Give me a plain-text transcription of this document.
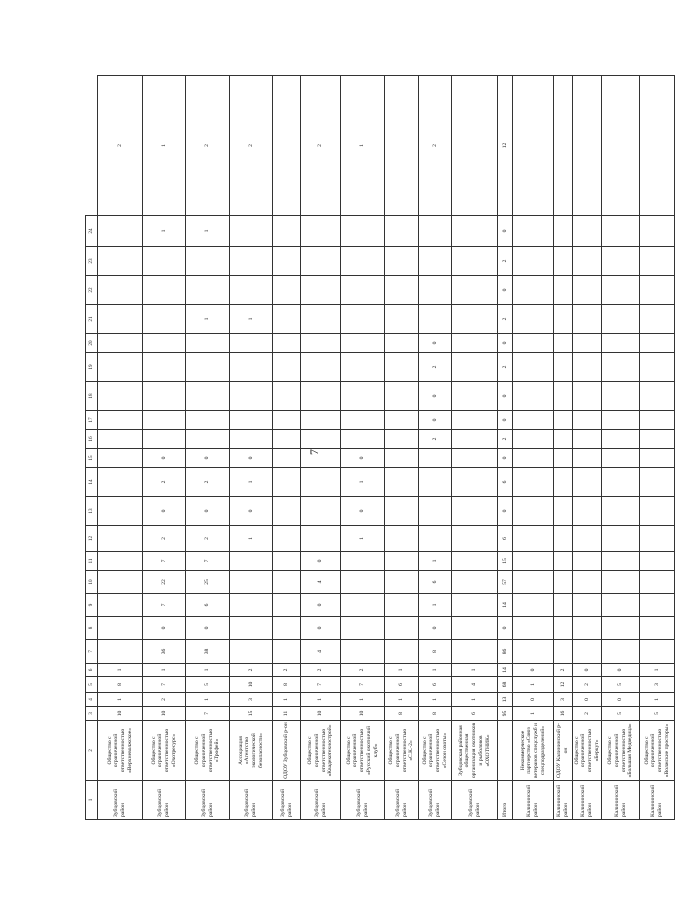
7
1	2	3	4	5	6	7	8	9	10	11	12	13	14	15	16	17	18	19	20	21	22	23	24	
Зубцовский район	Общество с ограниченной ответственностью «Верхневолжское»	10	1	8	1																			2
Зубцовский район	Общество с ограниченной ответственностью «Охотресурс»	10	2	7	1	36	0	7	22	7	2	0	2	0									1	1
Зубцовский район	Общество с ограниченной ответственностью «Трофей»	7	1	5	1	38	0	6	25	7	2	0	2	0						1			1	2
Зубцовский район	Ассоциация «Агентство экологической безопасности»	15	3	10	2						1	0	1	0						1				2
Зубцовский район	ОДОУ Зубцовский р-он	11	1	8	2																			
Зубцовский район	Общество с ограниченной ответственностью «Квадекотехнострой»	10	1	7	2	4	0	0	4	0														2
Зубцовский район	Общество с ограниченной ответственностью «Русский охотничий клуб»	10	1	7	2						1	0	1	0										1
Зубцовский район	Общество с ограниченной ответственностью «С.К.-2»	8	1	6	1																			
Зубцовский район	Общество с ограниченной ответственностью «Сезон охоты»	8	1	6	1	8	0	1	6	1					2	0	0	2	0					2
Зубцовский район	Зубцовская районная общественная организация охотников и рыболовов «ОХОТНИК»	6	1	4	1																			
Итого		95	13	68	14	86	0	14	57	15	6	0	6	0	2	0	0	2	0	2	0	2	0	12
Калининский район	Некоммерческое партнерство «Союз ветеранов спецслужб и спецподразделений»	1	0	1	0																			
Калининский район	ОДОУ Калининский р-он	16	3	12	2																			
Калининский район	Общество с ограниченной ответственностью «Беркут»	2	0	2	0																			
Калининский район	Общество с ограниченной ответственностью «Большая Медведица»	5	0	5	0																			
Калининский район	Общество с ограниченной ответственностью «Волжские просторы»	5	1	3	1																			
